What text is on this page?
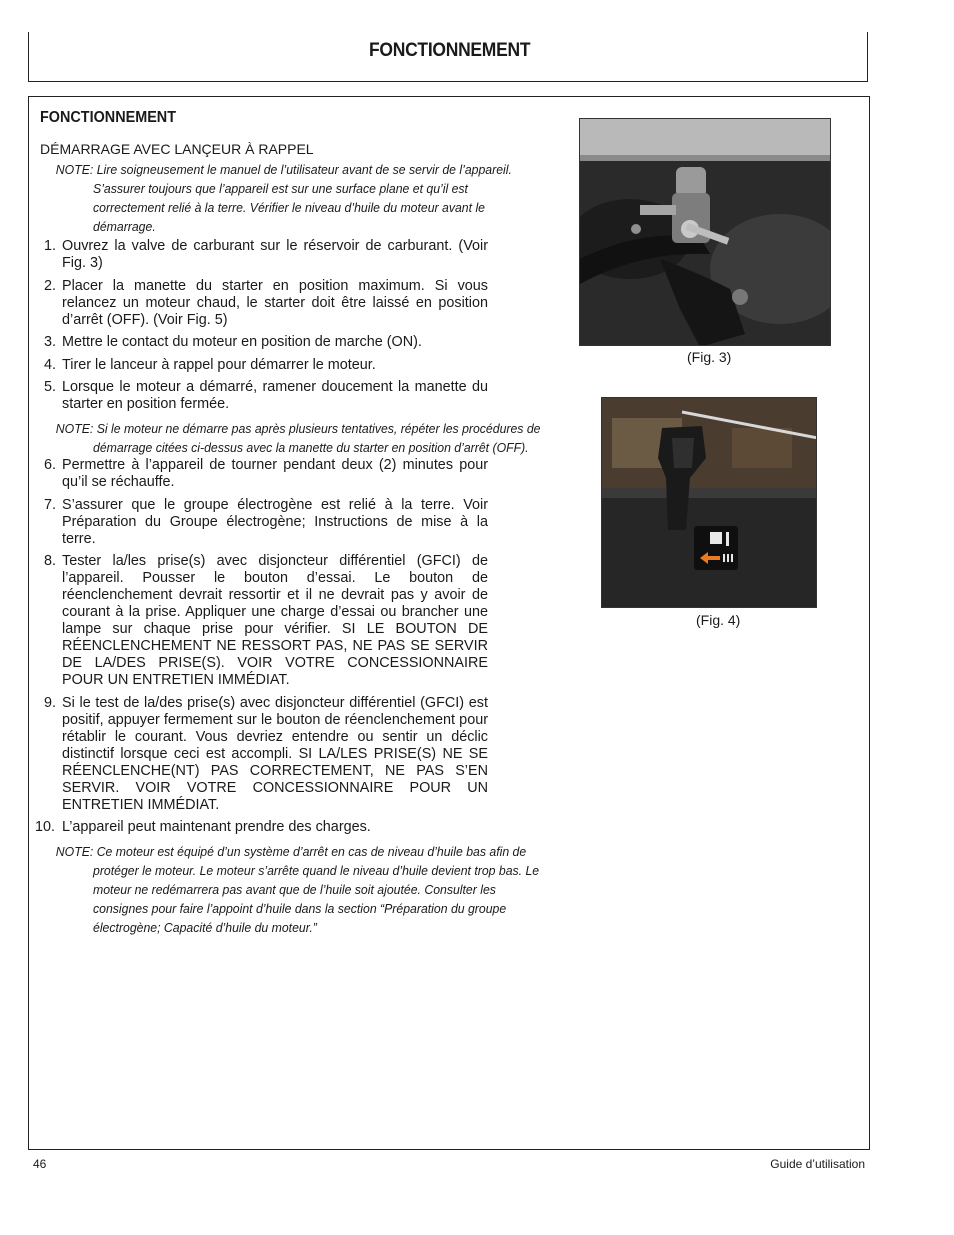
FONCTIONNEMENT
FONCTIONNEMENT
DÉMARRAGE AVEC LANÇEUR À RAPPEL

NOTE: Lire soigneusement le manuel de l’utilisateur avant de se servir de l’appareil. S’assurer toujours que l’appareil est sur une surface plane et qu’il est correctement relié à la terre. Vérifier le niveau d’huile du moteur avant le démarrage.

1. Ouvrez la valve de carburant sur le réservoir de carburant. (Voir Fig. 3)
2. Placer la manette du starter en position maximum. Si vous relancez un moteur chaud, le starter doit être laissé en position d’arrêt (OFF). (Voir Fig. 5)
3. Mettre le contact du moteur en position de marche (ON).
4. Tirer le lanceur à rappel pour démarrer le moteur.
5. Lorsque le moteur a démarré, ramener doucement la manette du starter en position fermée.

NOTE: Si le moteur ne démarre pas après plusieurs tentatives, répéter les procédures de démarrage citées ci-dessus avec la manette du starter en position d’arrêt (OFF).

6. Permettre à l’appareil de tourner pendant deux (2) minutes pour qu’il se réchauffe.
7. S’assurer que le groupe électrogène est relié à la terre. Voir Préparation du Groupe électrogène; Instructions de mise à la terre.
8. Tester la/les prise(s) avec disjoncteur différentiel (GFCI) de l’appareil. Pousser le bouton d’essai. Le bouton de réenclenchement devrait ressortir et il ne devrait pas y avoir de courant à la prise. Appliquer une charge d’essai ou brancher une lampe sur chaque prise pour vérifier. SI LE BOUTON DE RÉENCLENCHEMENT NE RESSORT PAS, NE PAS SE SERVIR DE LA/DES PRISE(S). VOIR VOTRE CONCESSIONNAIRE POUR UN ENTRETIEN IMMÉDIAT.
9. Si le test de la/des prise(s) avec disjoncteur différentiel (GFCI) est positif, appuyer fermement sur le bouton de réenclenchement pour rétablir le courant. Vous devriez entendre ou sentir un déclic distinctif lorsque ceci est accompli. SI LA/LES PRISE(S) NE SE RÉENCLENCHE(NT) PAS CORRECTEMENT, NE PAS S’EN SERVIR. VOIR VOTRE CONCESSIONNAIRE POUR UN ENTRETIEN IMMÉDIAT.
10. L’appareil peut maintenant prendre des charges.

NOTE: Ce moteur est équipé d’un système d’arrêt en cas de niveau d’huile bas afin de protéger le moteur. Le moteur s’arrête quand le niveau d’huile devient trop bas. Le moteur ne redémarrera pas avant que de l’huile soit ajoutée. Consulter les consignes pour faire l’appoint d’huile dans la section “Préparation du groupe électrogène; Capacité d’huile du moteur.”

(Fig. 3)
(Fig. 4)
46	Guide d’utilisation
